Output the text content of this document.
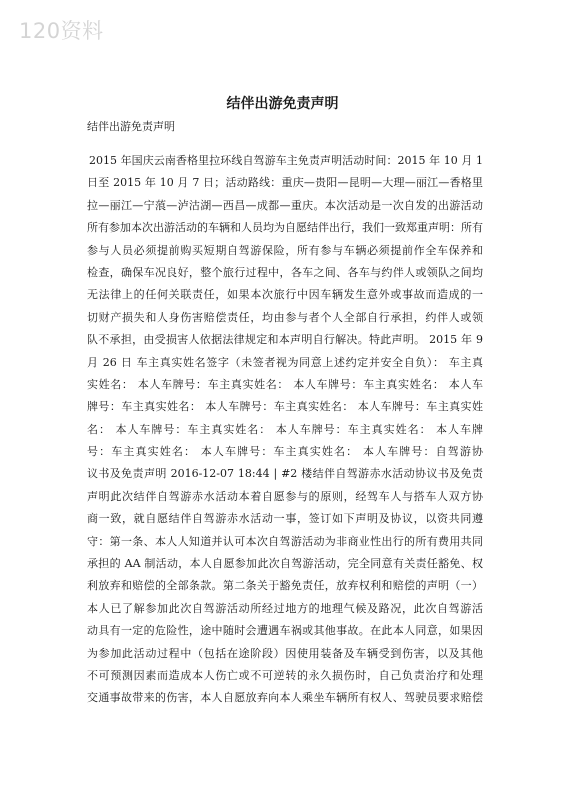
120资料
结伴出游免责声明
结伴出游免责声明
2015 年国庆云南香格里拉环线自驾游车主免责声明活动时间：2015 年 10 月 1
日至 2015 年 10 月 7 日；活动路线：重庆—贵阳—昆明—大理—丽江—香格里
拉—丽江—宁蒗—泸沽湖—西昌—成都—重庆。本次活动是一次自发的出游活动
所有参加本次出游活动的车辆和人员均为自愿结伴出行，我们一致郑重声明：所有
参与人员必须提前购买短期自驾游保险，所有参与车辆必须提前作全车保养和
检查，确保车况良好，整个旅行过程中，各车之间、各车与约伴人或领队之间均
无法律上的任何关联责任，如果本次旅行中因车辆发生意外或事故而造成的一
切财产损失和人身伤害赔偿责任，均由参与者个人全部自行承担，约伴人或领
队不承担，由受损害人依据法律规定和本声明自行解决。特此声明。 2015 年 9
月 26 日 车主真实姓名签字（未签者视为同意上述约定并安全自负）： 车主真
实姓名： 本人车牌号：车主真实姓名： 本人车牌号：车主真实姓名： 本人车
牌号：车主真实姓名： 本人车牌号：车主真实姓名： 本人车牌号：车主真实姓
名： 本人车牌号：车主真实姓名： 本人车牌号：车主真实姓名： 本人车牌
号：车主真实姓名： 本人车牌号：车主真实姓名： 本人车牌号：自驾游协
议书及免责声明 2016-12-07 18:44 | #2 楼结伴自驾游赤水活动协议书及免责
声明此次结伴自驾游赤水活动本着自愿参与的原则，经驾车人与搭车人双方协
商一致，就自愿结伴自驾游赤水活动一事，签订如下声明及协议，以资共同遵
守：第一条、本人人知道并认可本次自驾游活动为非商业性出行的所有费用共同
承担的 AA 制活动，本人自愿参加此次自驾游活动，完全同意有关责任豁免、权
利放弃和赔偿的全部条款。第二条关于豁免责任，放弃权利和赔偿的声明（一）
本人已了解参加此次自驾游活动所经过地方的地理气候及路况，此次自驾游活
动具有一定的危险性，途中随时会遭遇车祸或其他事故。在此本人同意，如果因
为参加此活动过程中（包括在途阶段）因使用装备及车辆受到伤害，以及其他
不可预测因素而造成本人伤亡或不可逆转的永久损伤时，自己负责治疗和处理
交通事故带来的伤害，本人自愿放弃向本人乘坐车辆所有权人、驾驶员要求赔偿
